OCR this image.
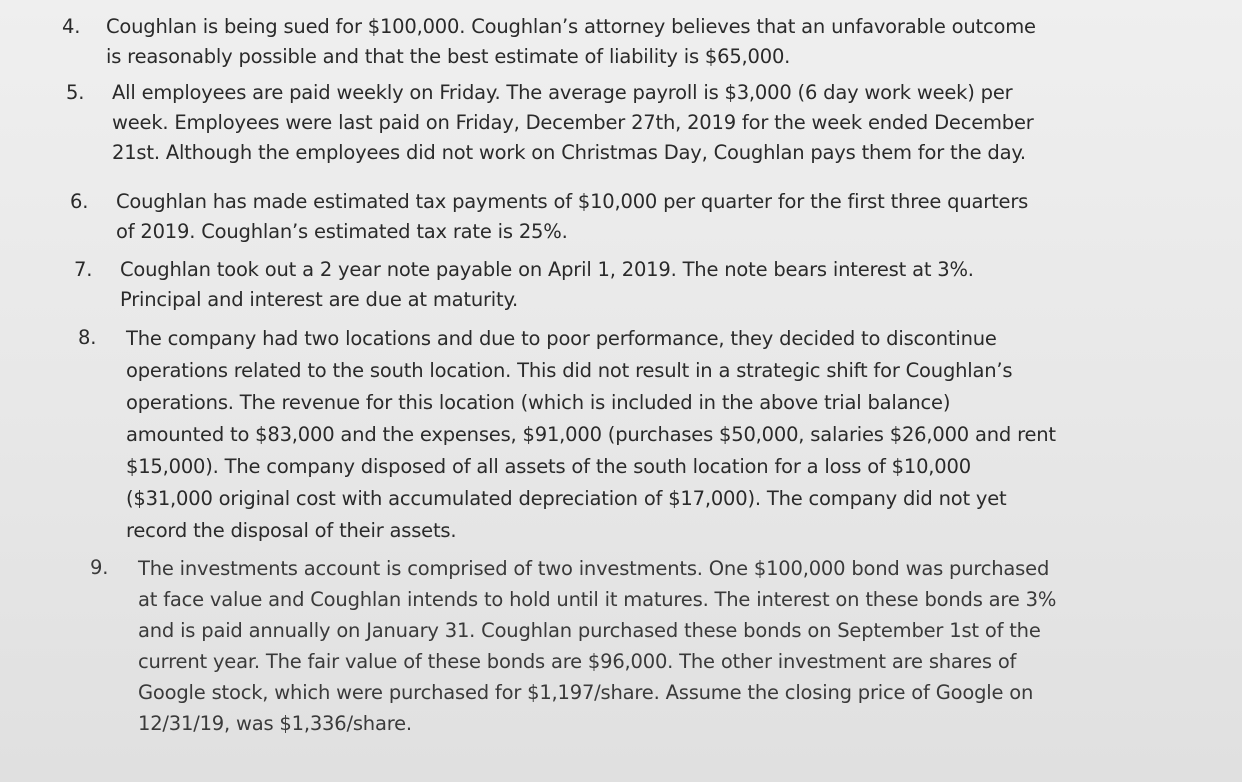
4. Coughlan is being sued for $100,000. Coughlan’s attorney believes that an unfavorable outcome
is reasonably possible and that the best estimate of liability is $65,000.
5. All employees are paid weekly on Friday. The average payroll is $3,000 (6 day work week) per
week. Employees were last paid on Friday, December 27th, 2019 for the week ended December
21st. Although the employees did not work on Christmas Day, Coughlan pays them for the day.
6. Coughlan has made estimated tax payments of $10,000 per quarter for the first three quarters
of 2019. Coughlan’s estimated tax rate is 25%.
7. Coughlan took out a 2 year note payable on April 1, 2019. The note bears interest at 3%.
Principal and interest are due at maturity.
8. The company had two locations and due to poor performance, they decided to discontinue
operations related to the south location. This did not result in a strategic shift for Coughlan’s
operations. The revenue for this location (which is included in the above trial balance)
amounted to $83,000 and the expenses, $91,000 (purchases $50,000, salaries $26,000 and rent
$15,000). The company disposed of all assets of the south location for a loss of $10,000
($31,000 original cost with accumulated depreciation of $17,000). The company did not yet
record the disposal of their assets.
9. The investments account is comprised of two investments. One $100,000 bond was purchased
at face value and Coughlan intends to hold until it matures. The interest on these bonds are 3%
and is paid annually on January 31. Coughlan purchased these bonds on September 1st of the
current year. The fair value of these bonds are $96,000. The other investment are shares of
Google stock, which were purchased for $1,197/share. Assume the closing price of Google on
12/31/19, was $1,336/share.
